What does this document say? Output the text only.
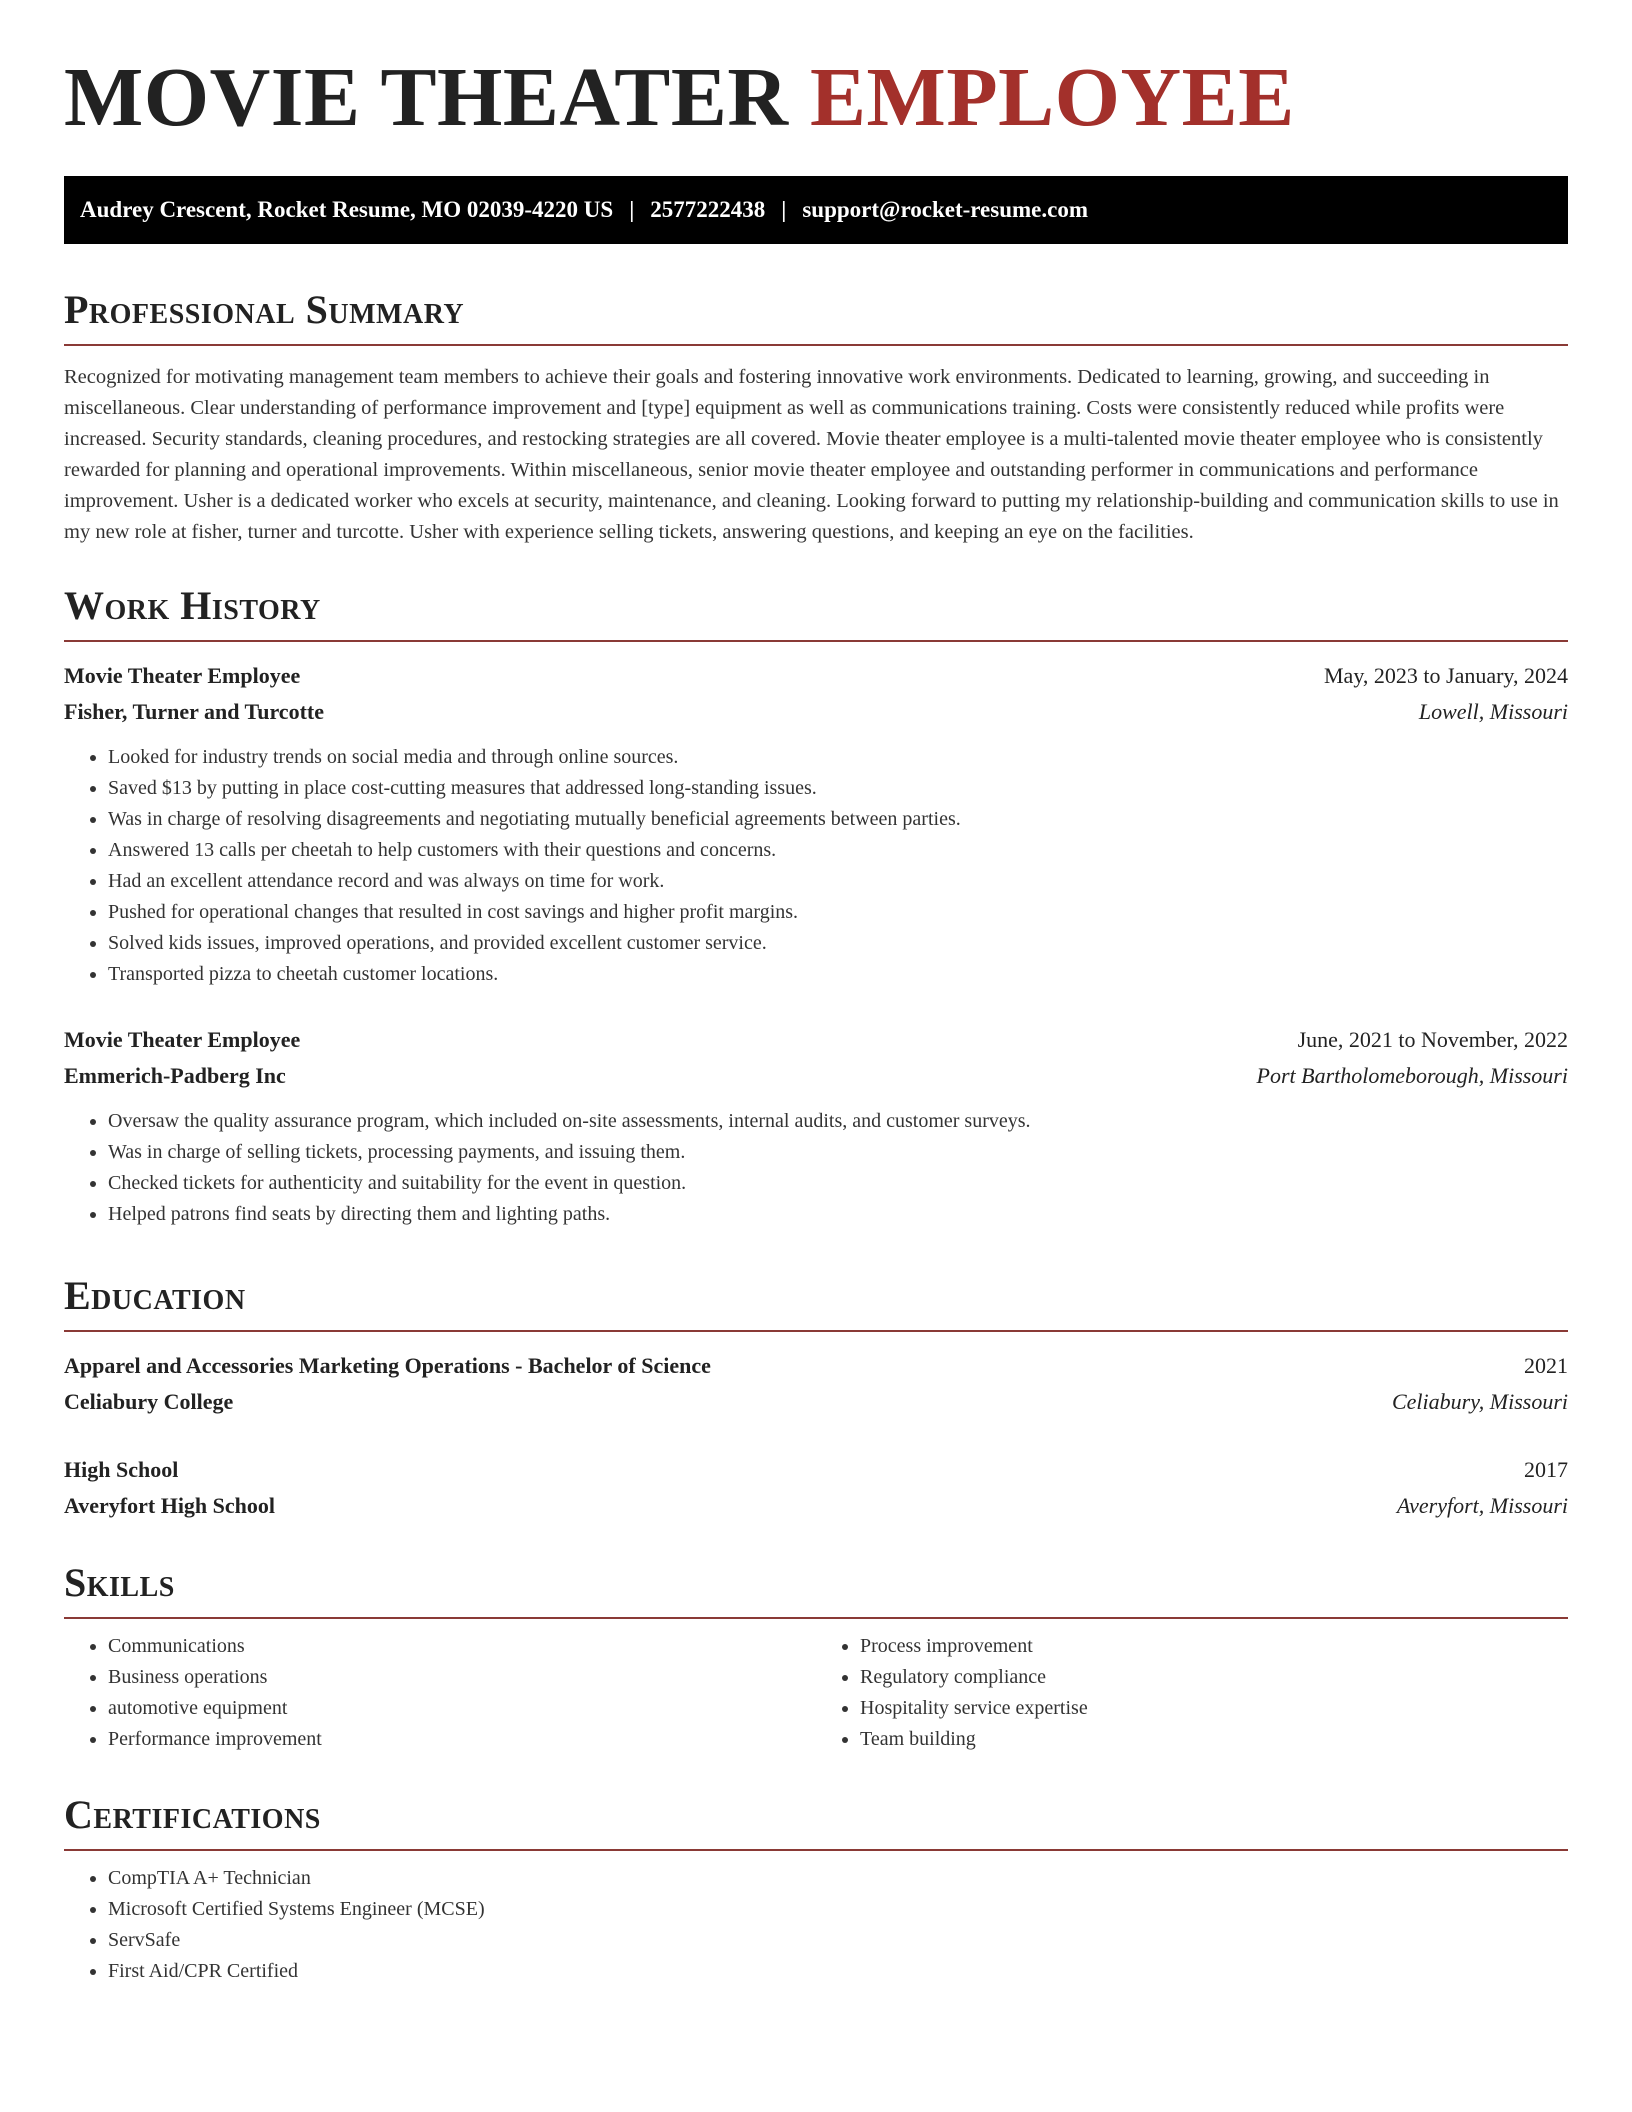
MOVIE THEATER EMPLOYEE
Audrey Crescent, Rocket Resume, MO 02039-4220 US | 2577222438 | support@rocket-resume.com
Professional Summary

Recognized for motivating management team members to achieve their goals and fostering innovative work environments. Dedicated to learning, growing, and succeeding in miscellaneous. Clear understanding of performance improvement and [type] equipment as well as communications training. Costs were consistently reduced while profits were increased. Security standards, cleaning procedures, and restocking strategies are all covered. Movie theater employee is a multi-talented movie theater employee who is consistently rewarded for planning and operational improvements. Within miscellaneous, senior movie theater employee and outstanding performer in communications and performance improvement. Usher is a dedicated worker who excels at security, maintenance, and cleaning. Looking forward to putting my relationship-building and communication skills to use in my new role at fisher, turner and turcotte. Usher with experience selling tickets, answering questions, and keeping an eye on the facilities.

Work History
Movie Theater Employee	May, 2023 to January, 2024
Fisher, Turner and Turcotte	Lowell, Missouri
• Looked for industry trends on social media and through online sources.
• Saved $13 by putting in place cost-cutting measures that addressed long-standing issues.
• Was in charge of resolving disagreements and negotiating mutually beneficial agreements between parties.
• Answered 13 calls per cheetah to help customers with their questions and concerns.
• Had an excellent attendance record and was always on time for work.
• Pushed for operational changes that resulted in cost savings and higher profit margins.
• Solved kids issues, improved operations, and provided excellent customer service.
• Transported pizza to cheetah customer locations.
Movie Theater Employee	June, 2021 to November, 2022
Emmerich-Padberg Inc	Port Bartholomeborough, Missouri
• Oversaw the quality assurance program, which included on-site assessments, internal audits, and customer surveys.
• Was in charge of selling tickets, processing payments, and issuing them.
• Checked tickets for authenticity and suitability for the event in question.
• Helped patrons find seats by directing them and lighting paths.
Education
Apparel and Accessories Marketing Operations - Bachelor of Science	2021
Celiabury College	Celiabury, Missouri
High School	2017
Averyfort High School	Averyfort, Missouri
Skills
• Communications
• Business operations
• automotive equipment
• Performance improvement
• Process improvement
• Regulatory compliance
• Hospitality service expertise
• Team building
Certifications
• CompTIA A+ Technician
• Microsoft Certified Systems Engineer (MCSE)
• ServSafe
• First Aid/CPR Certified
